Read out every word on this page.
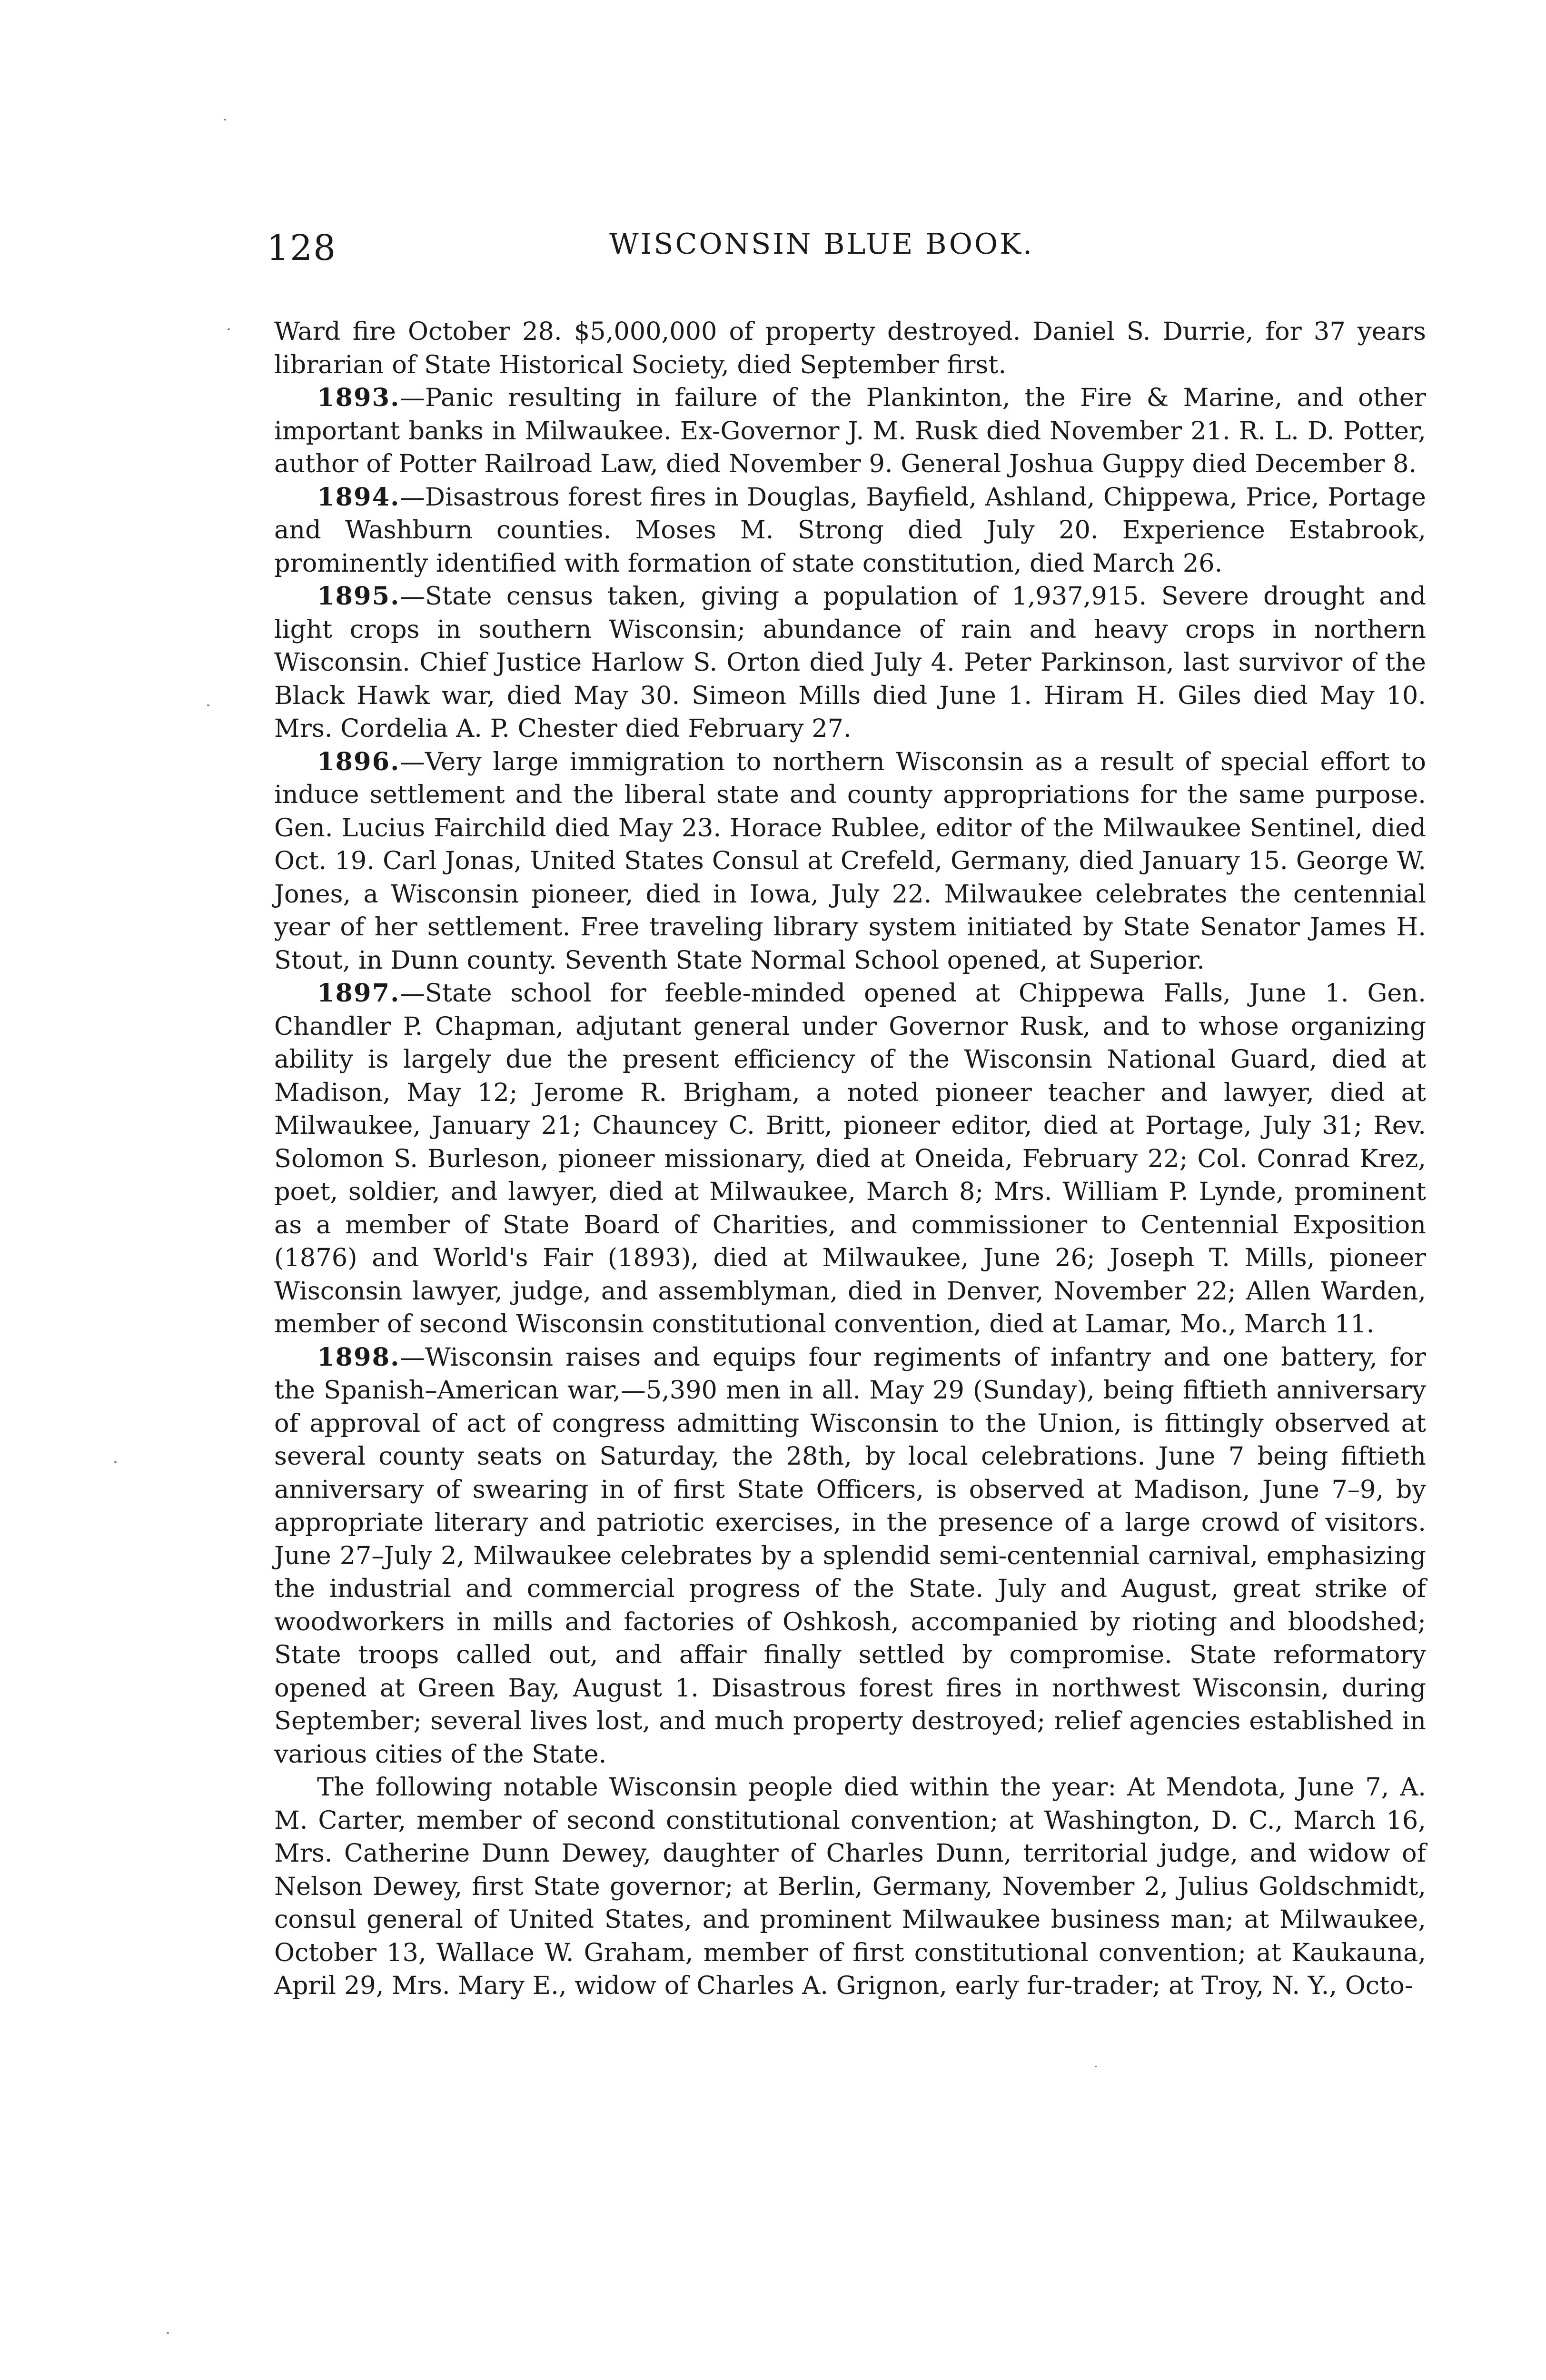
128	WISCONSIN BLUE BOOK.

Ward fire October 28. $5,000,000 of property destroyed. Daniel S. Durrie, for 37 years librarian of State Historical Society, died September first.

1893.—Panic resulting in failure of the Plankinton, the Fire & Marine, and other important banks in Milwaukee. Ex-Governor J. M. Rusk died November 21. R. L. D. Potter, author of Potter Railroad Law, died November 9. General Joshua Guppy died December 8.

1894.—Disastrous forest fires in Douglas, Bayfield, Ashland, Chippewa, Price, Portage and Washburn counties. Moses M. Strong died July 20. Experience Estabrook, prominently identified with formation of state constitution, died March 26.

1895.—State census taken, giving a population of 1,937,915. Severe drought and light crops in southern Wisconsin; abundance of rain and heavy crops in northern Wisconsin. Chief Justice Harlow S. Orton died July 4. Peter Parkinson, last survivor of the Black Hawk war, died May 30. Simeon Mills died June 1. Hiram H. Giles died May 10. Mrs. Cordelia A. P. Chester died February 27.

1896.—Very large immigration to northern Wisconsin as a result of special effort to induce settlement and the liberal state and county appropriations for the same purpose. Gen. Lucius Fairchild died May 23. Horace Rublee, editor of the Milwaukee Sentinel, died Oct. 19. Carl Jonas, United States Consul at Crefeld, Germany, died January 15. George W. Jones, a Wisconsin pioneer, died in Iowa, July 22. Milwaukee celebrates the centennial year of her settlement. Free traveling library system initiated by State Senator James H. Stout, in Dunn county. Seventh State Normal School opened, at Superior.

1897.—State school for feeble-minded opened at Chippewa Falls, June 1. Gen. Chandler P. Chapman, adjutant general under Governor Rusk, and to whose organizing ability is largely due the present efficiency of the Wisconsin National Guard, died at Madison, May 12; Jerome R. Brigham, a noted pioneer teacher and lawyer, died at Milwaukee, January 21; Chauncey C. Britt, pioneer editor, died at Portage, July 31; Rev. Solomon S. Burleson, pioneer missionary, died at Oneida, February 22; Col. Conrad Krez, poet, soldier, and lawyer, died at Milwaukee, March 8; Mrs. William P. Lynde, prominent as a member of State Board of Charities, and commissioner to Centennial Exposition (1876) and World's Fair (1893), died at Milwaukee, June 26; Joseph T. Mills, pioneer Wisconsin lawyer, judge, and assemblyman, died in Denver, November 22; Allen Warden, member of second Wisconsin constitutional convention, died at Lamar, Mo., March 11.

1898.—Wisconsin raises and equips four regiments of infantry and one battery, for the Spanish–American war,—5,390 men in all. May 29 (Sunday), being fiftieth anniversary of approval of act of congress admitting Wisconsin to the Union, is fittingly observed at several county seats on Saturday, the 28th, by local celebrations. June 7 being fiftieth anniversary of swearing in of first State Officers, is observed at Madison, June 7–9, by appropriate literary and patriotic exercises, in the presence of a large crowd of visitors. June 27–July 2, Milwaukee celebrates by a splendid semi-centennial carnival, emphasizing the industrial and commercial progress of the State. July and August, great strike of woodworkers in mills and factories of Oshkosh, accompanied by rioting and bloodshed; State troops called out, and affair finally settled by compromise. State reformatory opened at Green Bay, August 1. Disastrous forest fires in northwest Wisconsin, during September; several lives lost, and much property destroyed; relief agencies established in various cities of the State.

The following notable Wisconsin people died within the year: At Mendota, June 7, A. M. Carter, member of second constitutional convention; at Washington, D. C., March 16, Mrs. Catherine Dunn Dewey, daughter of Charles Dunn, territorial judge, and widow of Nelson Dewey, first State governor; at Berlin, Germany, November 2, Julius Goldschmidt, consul general of United States, and prominent Milwaukee business man; at Milwaukee, October 13, Wallace W. Graham, member of first constitutional convention; at Kaukauna, April 29, Mrs. Mary E., widow of Charles A. Grignon, early fur-trader; at Troy, N. Y., Octo-
